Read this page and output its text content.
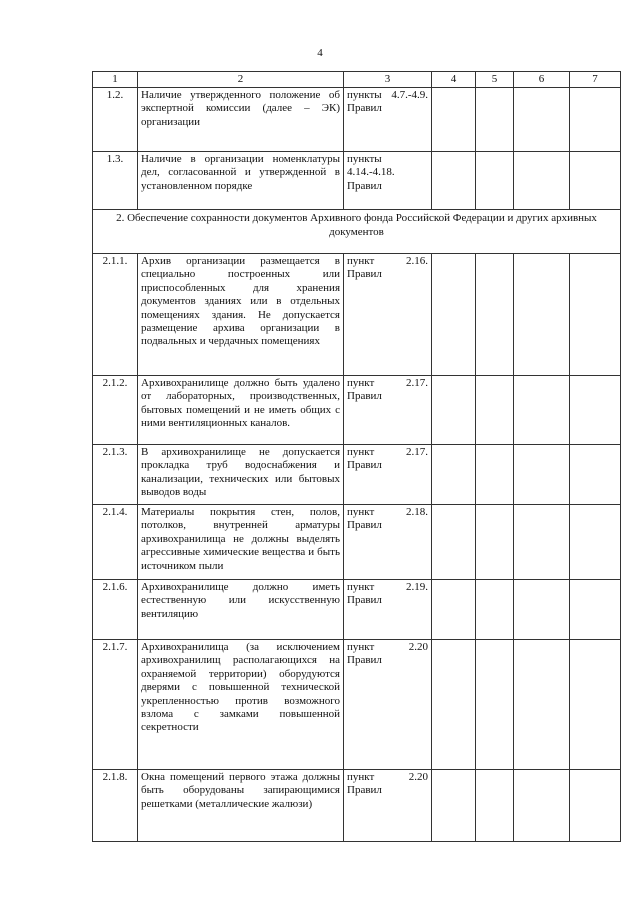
4
1	2	3	4	5	6	7
1.2.	Наличие утвержденного положение об экспертной комиссии (далее – ЭК) организации	пункты 4.7.-4.9. Правил				
1.3.	Наличие в организации номенклатуры дел, согласованной и утвержденной в установленном порядке	пункты 4.14.-4.18. Правил				
2. Обеспечение сохранности документов Архивного фонда Российской Федерации и других архивных документов						
2.1.1.	Архив организации размещается в специально построенных или приспособленных для хранения документов зданиях или в отдельных помещениях здания. Не допускается размещение архива организации в подвальных и чердачных помещениях	пункт 2.16. Правил				
2.1.2.	Архивохранилище должно быть удалено от лабораторных, производственных, бытовых помещений и не иметь общих с ними вентиляционных каналов.	пункт 2.17. Правил				
2.1.3.	В архивохранилище не допускается прокладка труб водоснабжения и канализации, технических или бытовых выводов воды	пункт 2.17. Правил				
2.1.4.	Материалы покрытия стен, полов, потолков, внутренней арматуры архивохранилища не должны выделять агрессивные химические вещества и быть источником пыли	пункт 2.18. Правил				
2.1.6.	Архивохранилище должно иметь естественную или искусственную вентиляцию	пункт 2.19. Правил				
2.1.7.	Архивохранилища (за исключением архивохранилищ располагающихся на охраняемой территории) оборудуются дверями с повышенной технической укрепленностью против возможного взлома с замками повышенной секретности	пункт 2.20 Правил				
2.1.8.	Окна помещений первого этажа должны быть оборудованы запирающимися решетками (металлические жалюзи)	пункт 2.20 Правил				
